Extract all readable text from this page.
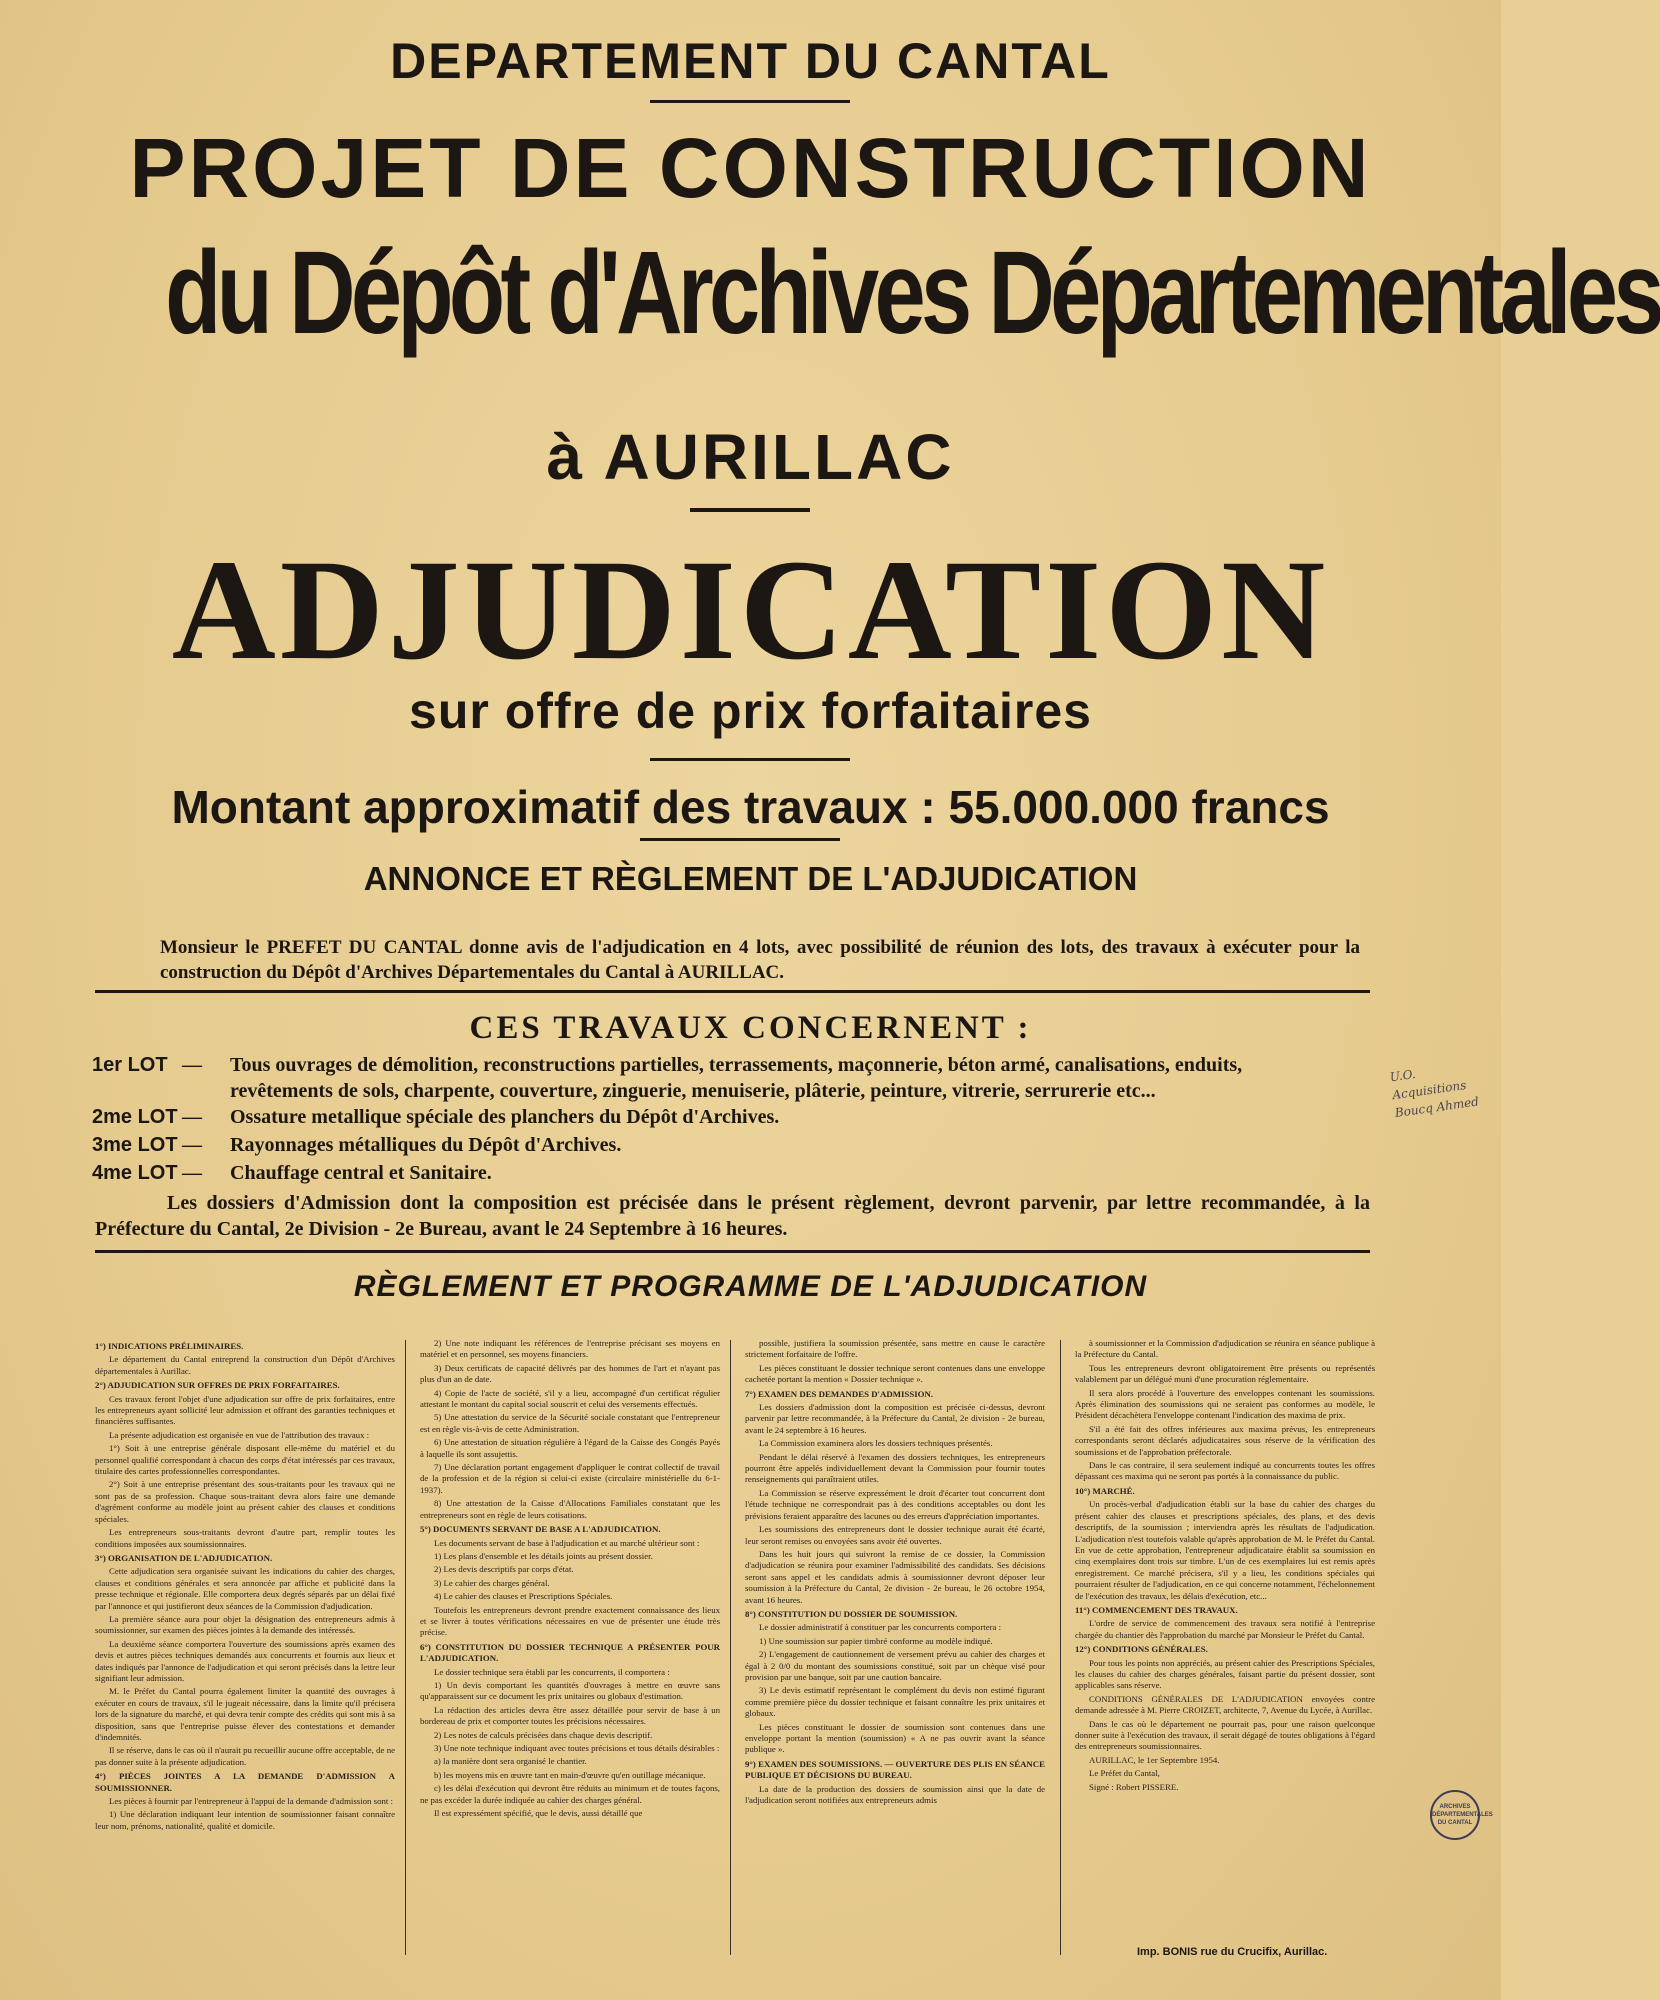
DEPARTEMENT DU CANTAL
PROJET DE CONSTRUCTION
du Dépôt d'Archives Départementales
à AURILLAC
ADJUDICATION
sur offre de prix forfaitaires
Montant approximatif des travaux : 55.000.000 francs
ANNONCE ET RÈGLEMENT DE L'ADJUDICATION
Monsieur le PREFET DU CANTAL donne avis de l'adjudication en 4 lots, avec possibilité de réunion des lots, des travaux à exécuter pour la construction du Dépôt d'Archives Départementales du Cantal à AURILLAC.
CES TRAVAUX CONCERNENT :
1er LOT — Tous ouvrages de démolition, reconstructions partielles, terrassements, maçonnerie, béton armé, canalisations, enduits, revêtements de sols, charpente, couverture, zinguerie, menuiserie, plâterie, peinture, vitrerie, serrurerie etc...
2me LOT — Ossature metallique spéciale des planchers du Dépôt d'Archives.
3me LOT — Rayonnages métalliques du Dépôt d'Archives.
4me LOT — Chauffage central et Sanitaire.
Les dossiers d'Admission dont la composition est précisée dans le présent règlement, devront parvenir, par lettre recommandée, à la Préfecture du Cantal, 2e Division - 2e Bureau, avant le 24 Septembre à 16 heures.
RÈGLEMENT ET PROGRAMME DE L'ADJUDICATION

1°) INDICATIONS PRÉLIMINAIRES.

Le département du Cantal entreprend la construction d'un Dépôt d'Archives départementales à Aurillac.

2°) ADJUDICATION SUR OFFRES DE PRIX FORFAITAIRES.

Ces travaux feront l'objet d'une adjudication sur offre de prix forfaitaires, entre les entrepreneurs ayant sollicité leur admission et offrant des garanties techniques et financières suffisantes.

La présente adjudication est organisée en vue de l'attribution des travaux :

1°) Soit à une entreprise générale disposant elle-même du matériel et du personnel qualifié correspondant à chacun des corps d'état intéressés par ces travaux, titulaire des cartes professionnelles correspondantes.

2°) Soit à une entreprise présentant des sous-traitants pour les travaux qui ne sont pas de sa profession. Chaque sous-traitant devra alors faire une demande d'agrément conforme au modèle joint au présent cahier des clauses et conditions spéciales.

Les entrepreneurs sous-traitants devront d'autre part, remplir toutes les conditions imposées aux soumissionnaires.

3°) ORGANISATION DE L'ADJUDICATION.

Cette adjudication sera organisée suivant les indications du cahier des charges, clauses et conditions générales et sera annoncée par affiche et publicité dans la presse technique et régionale. Elle comportera deux degrés séparés par un délai fixé par l'annonce et qui justifieront deux séances de la Commission d'adjudication.

La première séance aura pour objet la désignation des entrepreneurs admis à soumissionner, sur examen des pièces jointes à la demande des intéressés.

La deuxième séance comportera l'ouverture des soumissions après examen des devis et autres pièces techniques demandés aux concurrents et fournis aux lieux et dates indiqués par l'annonce de l'adjudication et qui seront précisés dans la lettre leur signifiant leur admission.

M. le Préfet du Cantal pourra également limiter la quantité des ouvrages à exécuter en cours de travaux, s'il le jugeait nécessaire, dans la limite qu'il précisera lors de la signature du marché, et qui devra tenir compte des crédits qui sont mis à sa disposition, sans que l'entreprise puisse élever des contestations et demander d'indemnités.

Il se réserve, dans le cas où il n'aurait pu recueillir aucune offre acceptable, de ne pas donner suite à la présente adjudication.

4°) PIÈCES JOINTES A LA DEMANDE D'ADMISSION A SOUMISSIONNER.

Les pièces à fournir par l'entrepreneur à l'appui de la demande d'admission sont :

1) Une déclaration indiquant leur intention de soumissionner faisant connaître leur nom, prénoms, nationalité, qualité et domicile.

2) Une note indiquant les références de l'entreprise précisant ses moyens en matériel et en personnel, ses moyens financiers.

3) Deux certificats de capacité délivrés par des hommes de l'art et n'ayant pas plus d'un an de date.

4) Copie de l'acte de société, s'il y a lieu, accompagné d'un certificat régulier attestant le montant du capital social souscrit et celui des versements effectués.

5) Une attestation du service de la Sécurité sociale constatant que l'entrepreneur est en règle vis-à-vis de cette Administration.

6) Une attestation de situation régulière à l'égard de la Caisse des Congés Payés à laquelle ils sont assujettis.

7) Une déclaration portant engagement d'appliquer le contrat collectif de travail de la profession et de la région si celui-ci existe (circulaire ministérielle du 6-1-1937).

8) Une attestation de la Caisse d'Allocations Familiales constatant que les entrepreneurs sont en règle de leurs cotisations.

5°) DOCUMENTS SERVANT DE BASE A L'ADJUDICATION.

Les documents servant de base à l'adjudication et au marché ultérieur sont :

1) Les plans d'ensemble et les détails joints au présent dossier.

2) Les devis descriptifs par corps d'état.

3) Le cahier des charges général.

4) Le cahier des clauses et Prescriptions Spéciales.

Toutefois les entrepreneurs devront prendre exactement connaissance des lieux et se livrer à toutes vérifications nécessaires en vue de présenter une étude très précise.

6°) CONSTITUTION DU DOSSIER TECHNIQUE A PRÉSENTER POUR L'ADJUDICATION.

Le dossier technique sera établi par les concurrents, il comportera :

1) Un devis comportant les quantités d'ouvrages à mettre en œuvre sans qu'apparaissent sur ce document les prix unitaires ou globaux d'estimation.

La rédaction des articles devra être assez détaillée pour servir de base à un bordereau de prix et comporter toutes les précisions nécessaires.

2) Les notes de calculs précisées dans chaque devis descriptif.

3) Une note technique indiquant avec toutes précisions et tous détails désirables :

a) la manière dont sera organisé le chantier.

b) les moyens mis en œuvre tant en main-d'œuvre qu'en outillage mécanique.

c) les délai d'exécution qui devront être réduits au minimum et de toutes façons, ne pas excéder la durée indiquée au cahier des charges général.

Il est expressément spécifié, que le devis, aussi détaillé que

possible, justifiera la soumission présentée, sans mettre en cause le caractère strictement forfaitaire de l'offre.

Les pièces constituant le dossier technique seront contenues dans une enveloppe cachetée portant la mention « Dossier technique ».

7°) EXAMEN DES DEMANDES D'ADMISSION.

Les dossiers d'admission dont la composition est précisée ci-dessus, devront parvenir par lettre recommandée, à la Préfecture du Cantal, 2e division - 2e bureau, avant le 24 septembre à 16 heures.

La Commission examinera alors les dossiers techniques présentés.

Pendant le délai réservé à l'examen des dossiers techniques, les entrepreneurs pourront être appelés individuellement devant la Commission pour fournir toutes renseignements qui paraîtraient utiles.

La Commission se réserve expressément le droit d'écarter tout concurrent dont l'étude technique ne correspondrait pas à des conditions acceptables ou dont les prévisions feraient apparaître des lacunes ou des erreurs d'appréciation importantes.

Les soumissions des entrepreneurs dont le dossier technique aurait été écarté, leur seront remises ou envoyées sans avoir été ouvertes.

Dans les huit jours qui suivront la remise de ce dossier, la Commission d'adjudication se réunira pour examiner l'admissibilité des candidats. Ses décisions seront sans appel et les candidats admis à soumissionner devront déposer leur soumission à la Préfecture du Cantal, 2e division - 2e bureau, le 26 octobre 1954, avant 16 heures.

8°) CONSTITUTION DU DOSSIER DE SOUMISSION.

Le dossier administratif à constituer par les concurrents comportera :

1) Une soumission sur papier timbré conforme au modèle indiqué.

2) L'engagement de cautionnement de versement prévu au cahier des charges et égal à 2 0/0 du montant des soumissions constitué, soit par un chèque visé pour provision par une banque, soit par une caution bancaire.

3) Le devis estimatif représentant le complément du devis non estimé figurant comme première pièce du dossier technique et faisant connaître les prix unitaires et globaux.

Les pièces constituant le dossier de soumission sont contenues dans une enveloppe portant la mention (soumission) « A ne pas ouvrir avant la séance publique ».

9°) EXAMEN DES SOUMISSIONS. — OUVERTURE DES PLIS EN SÉANCE PUBLIQUE ET DÉCISIONS DU BUREAU.

La date de la production des dossiers de soumission ainsi que la date de l'adjudication seront notifiées aux entrepreneurs admis

à soumissionner et la Commission d'adjudication se réunira en séance publique à la Préfecture du Cantal.

Tous les entrepreneurs devront obligatoirement être présents ou représentés valablement par un délégué muni d'une procuration réglementaire.

Il sera alors procédé à l'ouverture des enveloppes contenant les soumissions. Après élimination des soumissions qui ne seraient pas conformes au modèle, le Président décachètera l'enveloppe contenant l'indication des maxima de prix.

S'il a été fait des offres inférieures aux maxima prévus, les entrepreneurs correspondants seront déclarés adjudicataires sous réserve de la vérification des soumissions et de l'approbation préfectorale.

Dans le cas contraire, il sera seulement indiqué au concurrents toutes les offres dépassant ces maxima qui ne seront pas portés à la connaissance du public.

10°) MARCHÉ.

Un procès-verbal d'adjudication établi sur la base du cahier des charges du présent cahier des clauses et prescriptions spéciales, des plans, et des devis descriptifs, de la soumission ; interviendra après les résultats de l'adjudication. L'adjudication n'est toutefois valable qu'après approbation de M. le Préfet du Cantal. En vue de cette approbation, l'entrepreneur adjudicataire établit sa soumission en cinq exemplaires dont trois sur timbre. L'un de ces exemplaires lui est remis après enregistrement. Ce marché précisera, s'il y a lieu, les conditions spéciales qui pourraient résulter de l'adjudication, en ce qui concerne notamment, l'échelonnement de l'exécution des travaux, les délais d'exécution, etc...

11°) COMMENCEMENT DES TRAVAUX.

L'ordre de service de commencement des travaux sera notifié à l'entreprise chargée du chantier dès l'approbation du marché par Monsieur le Préfet du Cantal.

12°) CONDITIONS GÉNÉRALES.

Pour tous les points non appréciés, au présent cahier des Prescriptions Spéciales, les clauses du cahier des charges générales, faisant partie du présent dossier, sont applicables sans réserve.

CONDITIONS GÉNÉRALES DE L'ADJUDICATION envoyées contre demande adressée à M. Pierre CROIZET, architecte, 7, Avenue du Lycée, à Aurillac.

Dans le cas où le département ne pourrait pas, pour une raison quelconque donner suite à l'exécution des travaux, il serait dégagé de toutes obligations à l'égard des entrepreneurs soumissionnaires.

AURILLAC, le 1er Septembre 1954.

Le Préfet du Cantal,

Signé : Robert PISSERE.

Imp. BONIS rue du Crucifix, Aurillac.
U.O. Acquisitions Boucq Ahmed
ARCHIVES DÉPARTEMENTALES DU CANTAL
